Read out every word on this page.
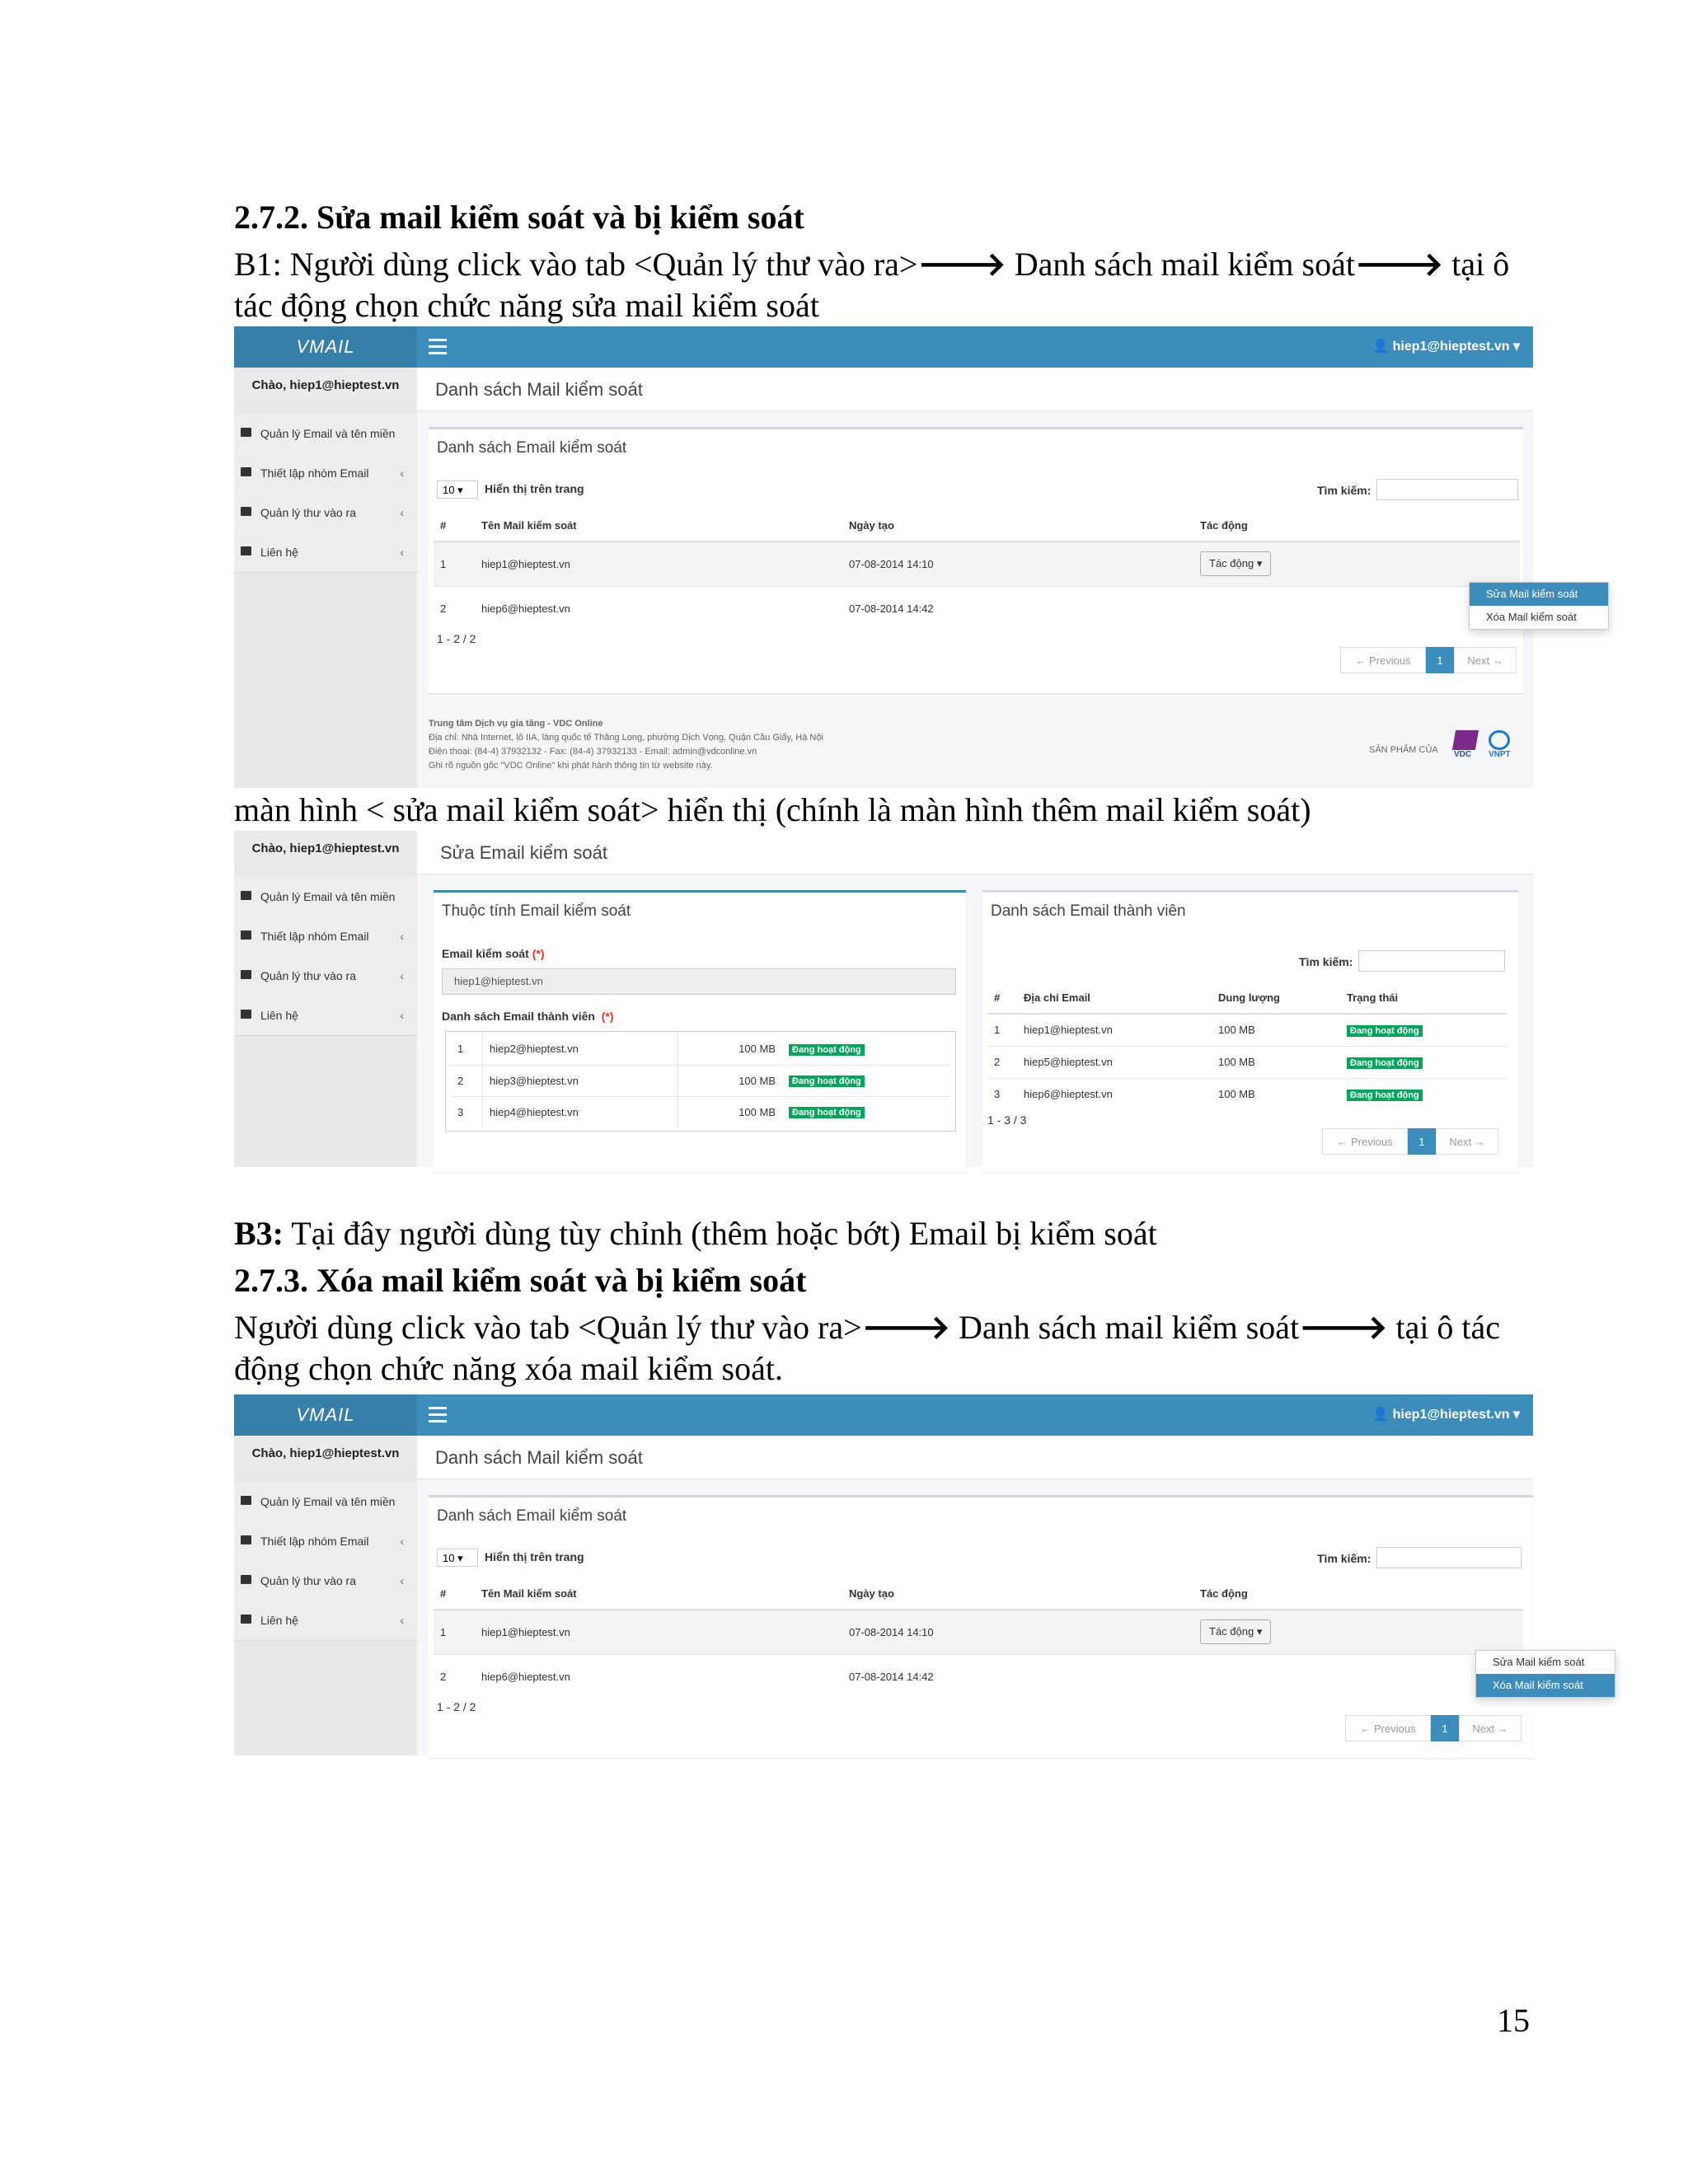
2.7.2. Sửa mail kiểm soát và bị kiểm soát
B1: Người dùng click vào tab <Quản lý thư vào ra>🡒 Danh sách mail kiểm soát🡒 tại ô
tác động chọn chức năng sửa mail kiểm soát
VMAIL	👤 hiep1@hieptest.vn ▾
Chào, hiep1@hieptest.vn
Quản lý Email và tên miền
Thiết lập nhóm Email	‹
Quản lý thư vào ra	‹
Liên hệ	‹
Danh sách Mail kiểm soát
Danh sách Email kiểm soát
10 ▾	Hiển thị trên trang	Tìm kiếm:
#	Tên Mail kiểm soát	Ngày tạo	Tác động
1	hiep1@hieptest.vn	07-08-2014 14:10	Tác động ▾
2	hiep6@hieptest.vn	07-08-2014 14:42	
1 - 2 / 2
← Previous	1	Next →
Sửa Mail kiểm soát
Xóa Mail kiểm soát
Trung tâm Dịch vụ gia tăng - VDC Online
Địa chỉ: Nhà Internet, lô IIA, làng quốc tế Thăng Long, phường Dịch Vọng, Quận Cầu Giấy, Hà Nội
Điện thoại: (84-4) 37932132 - Fax: (84-4) 37932133 - Email: admin@vdconline.vn
Ghi rõ nguồn gốc "VDC Online" khi phát hành thông tin từ website này.
SẢN PHẨM CỦA VDC	VNPT
màn hình < sửa mail kiểm soát> hiển thị (chính là màn hình thêm mail kiểm soát)
Chào, hiep1@hieptest.vn
Quản lý Email và tên miền
Thiết lập nhóm Email	‹
Quản lý thư vào ra	‹
Liên hệ	‹
Sửa Email kiểm soát
Thuộc tính Email kiểm soát
Email kiểm soát (*)
hiep1@hieptest.vn
Danh sách Email thành viên (*)
1	hiep2@hieptest.vn	100 MB	Đang hoạt động
2	hiep3@hieptest.vn	100 MB	Đang hoạt động
3	hiep4@hieptest.vn	100 MB	Đang hoạt động
Danh sách Email thành viên
Tìm kiếm:
#	Địa chỉ Email	Dung lượng	Trạng thái
1	hiep1@hieptest.vn	100 MB	Đang hoạt động
2	hiep5@hieptest.vn	100 MB	Đang hoạt động
3	hiep6@hieptest.vn	100 MB	Đang hoạt động
1 - 3 / 3
← Previous	1	Next →
B3: Tại đây người dùng tùy chỉnh (thêm hoặc bớt) Email bị kiểm soát
2.7.3. Xóa mail kiểm soát và bị kiểm soát
Người dùng click vào tab <Quản lý thư vào ra>🡒 Danh sách mail kiểm soát🡒 tại ô tác
động chọn chức năng xóa mail kiểm soát.
VMAIL	👤 hiep1@hieptest.vn ▾
Chào, hiep1@hieptest.vn
Quản lý Email và tên miền
Thiết lập nhóm Email	‹
Quản lý thư vào ra	‹
Liên hệ	‹
Danh sách Mail kiểm soát
Danh sách Email kiểm soát
10 ▾	Hiển thị trên trang	Tìm kiếm:
#	Tên Mail kiểm soát	Ngày tạo	Tác động
1	hiep1@hieptest.vn	07-08-2014 14:10	Tác động ▾
2	hiep6@hieptest.vn	07-08-2014 14:42	
1 - 2 / 2
← Previous	1	Next →
Sửa Mail kiểm soát
Xóa Mail kiểm soát
15
